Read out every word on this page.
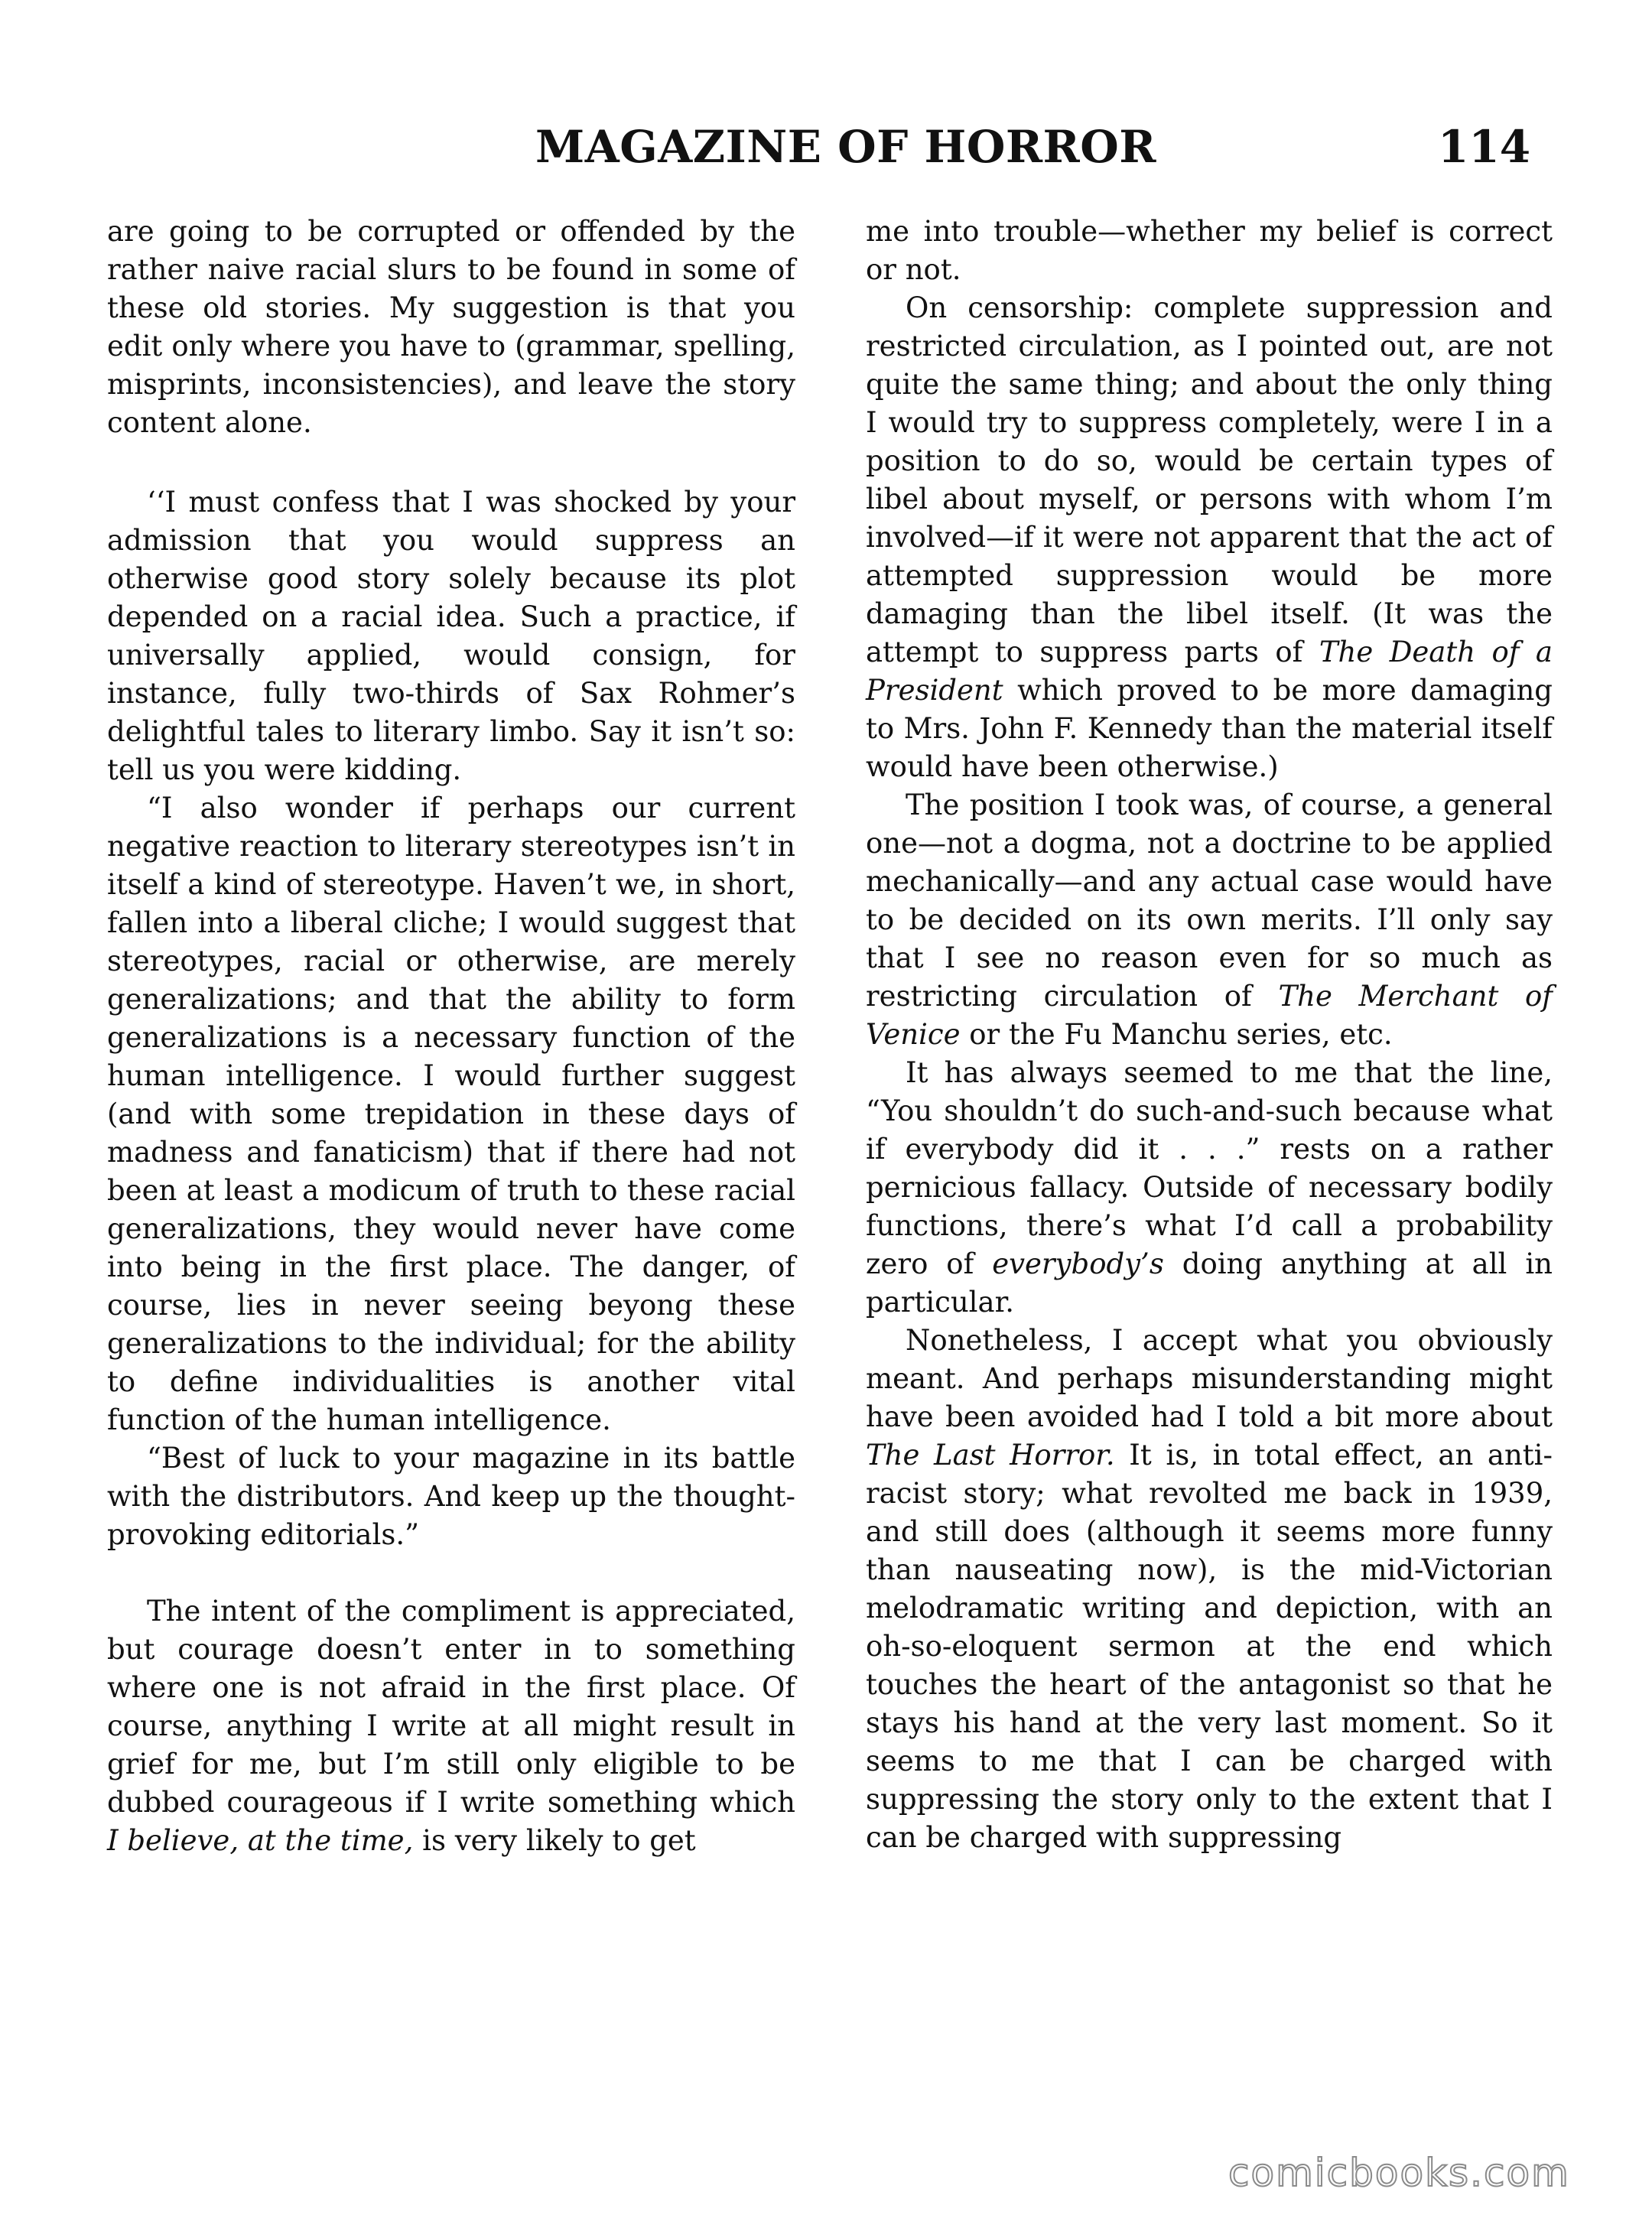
MAGAZINE OF HORROR	114

are going to be corrupted or offended by the rather naive racial slurs to be found in some of these old stories. My suggestion is that you edit only where you have to (grammar, spelling, misprints, inconsistencies), and leave the story content alone.

‘‘I must confess that I was shocked by your admission that you would suppress an otherwise good story solely because its plot depended on a racial idea. Such a practice, if universally applied, would consign, for instance, fully two-thirds of Sax Rohmer’s delightful tales to literary limbo. Say it isn’t so: tell us you were kidding.

“I also wonder if perhaps our current negative reaction to literary stereotypes isn’t in itself a kind of stereotype. Haven’t we, in short, fallen into a liberal cliche; I would suggest that stereotypes, racial or otherwise, are merely generalizations; and that the ability to form generalizations is a necessary function of the human intelligence. I would further suggest (and with some trepidation in these days of madness and fanaticism) that if there had not been at least a modicum of truth to these racial generalizations, they would never have come into being in the first place. The danger, of course, lies in never seeing beyong these generalizations to the individual; for the ability to define individualities is another vital function of the human intelligence.

“Best of luck to your magazine in its battle with the distributors. And keep up the thought-provoking editorials.”

The intent of the compliment is appreciated, but courage doesn’t enter in to something where one is not afraid in the first place. Of course, anything I write at all might result in grief for me, but I’m still only eligible to be dubbed courageous if I write something which I believe, at the time, is very likely to get

me into trouble—whether my belief is correct or not.

On censorship: complete suppression and restricted circulation, as I pointed out, are not quite the same thing; and about the only thing I would try to suppress completely, were I in a position to do so, would be certain types of libel about myself, or persons with whom I’m involved—if it were not apparent that the act of attempted suppression would be more damaging than the libel itself. (It was the attempt to suppress parts of The Death of a President which proved to be more damaging to Mrs. John F. Kennedy than the material itself would have been otherwise.)

The position I took was, of course, a general one—not a dogma, not a doctrine to be applied mechanically—and any actual case would have to be decided on its own merits. I’ll only say that I see no reason even for so much as restricting circulation of The Merchant of Venice or the Fu Manchu series, etc.

It has always seemed to me that the line, “You shouldn’t do such-and-such because what if everybody did it . . .” rests on a rather pernicious fallacy. Outside of necessary bodily functions, there’s what I’d call a probability zero of everybody’s doing anything at all in particular.

Nonetheless, I accept what you obviously meant. And perhaps misunderstanding might have been avoided had I told a bit more about The Last Horror. It is, in total effect, an anti-racist story; what revolted me back in 1939, and still does (although it seems more funny than nauseating now), is the mid-Victorian melodramatic writing and depiction, with an oh-so-eloquent sermon at the end which touches the heart of the antagonist so that he stays his hand at the very last moment. So it seems to me that I can be charged with suppressing the story only to the extent that I can be charged with suppressing

comicbooks.com
